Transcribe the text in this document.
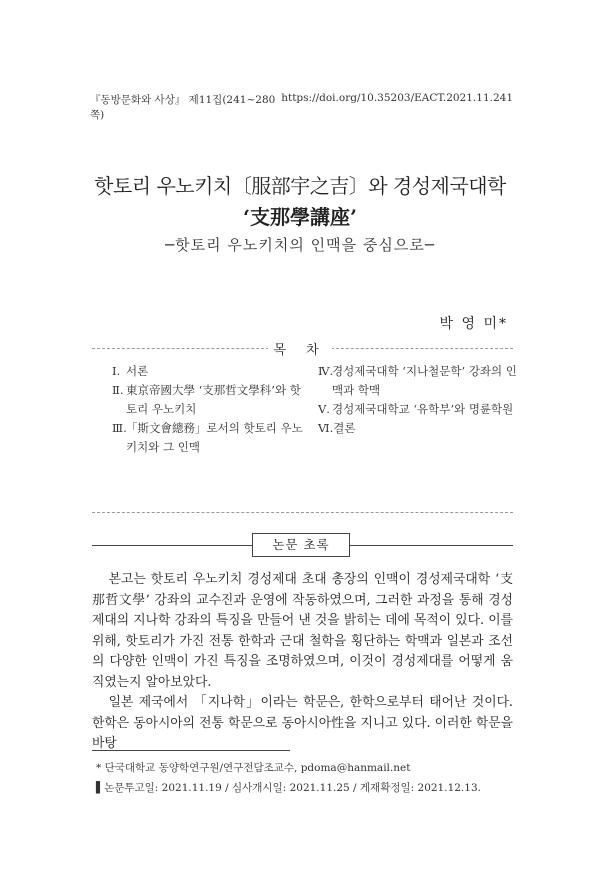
『동방문화와 사상』 제11집(241~280쪽)
https://doi.org/10.35203/EACT.2021.11.241
핫토리 우노키치〔服部宇之吉〕와 경성제국대학
‘支那學講座’
─핫토리 우노키치의 인맥을 중심으로─
박 영 미*
목 차
Ⅰ. 서론
Ⅱ. 東京帝國大學 ‘支那哲文學科’와 핫토리 우노키치
Ⅲ. 「斯文會總務」로서의 핫토리 우노키치와 그 인맥
Ⅳ.
경성제국대학 ‘지나철문학’ 강좌의 인맥과 학맥
Ⅴ. 경성제국대학교 ‘유학부’와 명륜학원
Ⅵ. 결론
논문 초록

본고는 핫토리 우노키치 경성제대 초대 총장의 인맥이 경성제국대학 ‘支那哲文學’ 강좌의 교수진과 운영에 작동하였으며, 그러한 과정을 통해 경성제대의 지나학 강좌의 특징을 만들어 낸 것을 밝히는 데에 목적이 있다. 이를 위해, 핫토리가 가진 전통 한학과 근대 철학을 횡단하는 학맥과 일본과 조선의 다양한 인맥이 가진 특징을 조명하였으며, 이것이 경성제대를 어떻게 움직였는지 알아보았다.

일본 제국에서 「지나학」이라는 학문은, 한학으로부터 태어난 것이다. 한학은 동아시아의 전통 학문으로 동아시아性을 지니고 있다. 이러한 학문을 바탕

* 단국대학교 동양학연구원/연구전담조교수, pdoma@hanmail.net
▌논문투고일: 2021.11.19 / 심사개시일: 2021.11.25 / 게재확정일: 2021.12.13.
